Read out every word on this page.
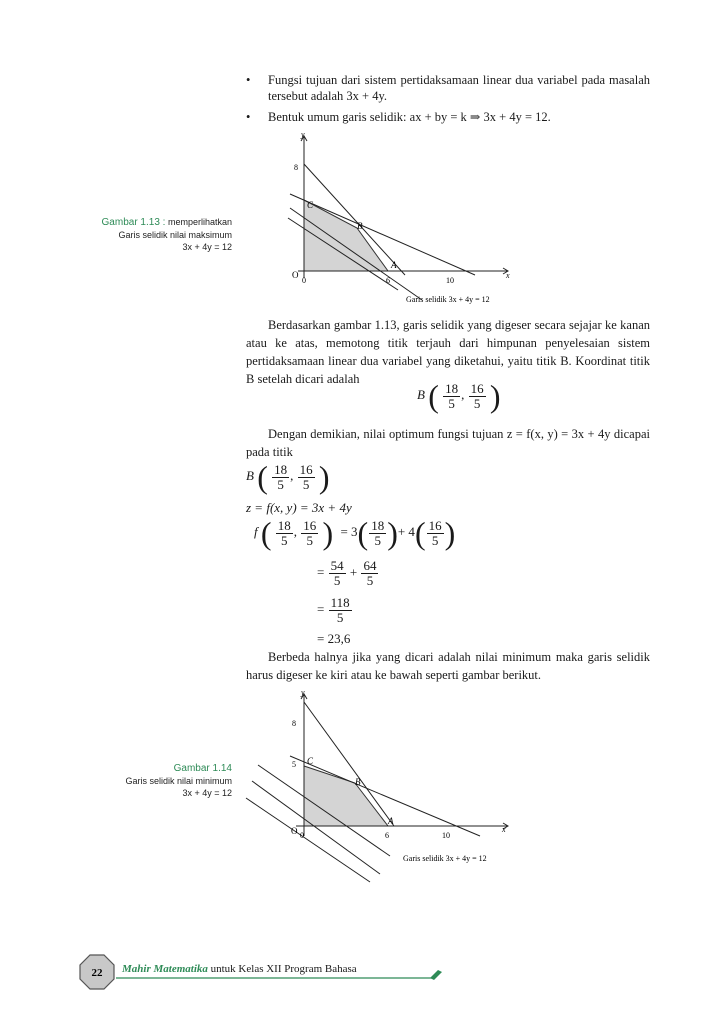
• Fungsi tujuan dari sistem pertidaksamaan linear dua variabel pada masalah tersebut adalah 3x + 4y.
• Bentuk umum garis selidik: ax + by = k ⇒ 3x + 4y = 12.
Gambar 1.13 : memperlihatkan
Garis selidik nilai maksimum
3x + 4y = 12
y
x
8
0	6	10
O
C
B
A
Garis selidik 3x + 4y = 12
Berdasarkan gambar 1.13, garis selidik yang digeser secara sejajar ke kanan atau ke atas, memotong titik terjauh dari himpunan penyelesaian sistem pertidaksamaan linear dua variabel yang diketahui, yaitu titik B. Koordinat titik B setelah dicari adalah
B ( $\frac{18}{5}$ , $\frac{16}{5}$ )
Dengan demikian, nilai optimum fungsi tujuan z = f(x, y) = 3x + 4y dicapai pada titik
B ( $\frac{18}{5}$ , $\frac{16}{5}$ )
z = f(x, y) = 3x + 4y
f ( $\frac{18}{5}$ , $\frac{16}{5}$ ) = $3( \frac{18}{5}$ )+ $4( \frac{16}{5}$ )
= $\frac{54}{5} + \frac{64}{5}$
= $\frac{118}{5}$
= 23,6
Berbeda halnya jika yang dicari adalah nilai minimum maka garis selidik harus digeser ke kiri atau ke bawah seperti gambar berikut.
Gambar 1.14
Garis selidik nilai minimum
3x + 4y = 12
y
x
8
5
0	6	10
O
C
B
A
Garis selidik 3x + 4y = 12
22 Mahir Matematika untuk Kelas XII Program Bahasa
